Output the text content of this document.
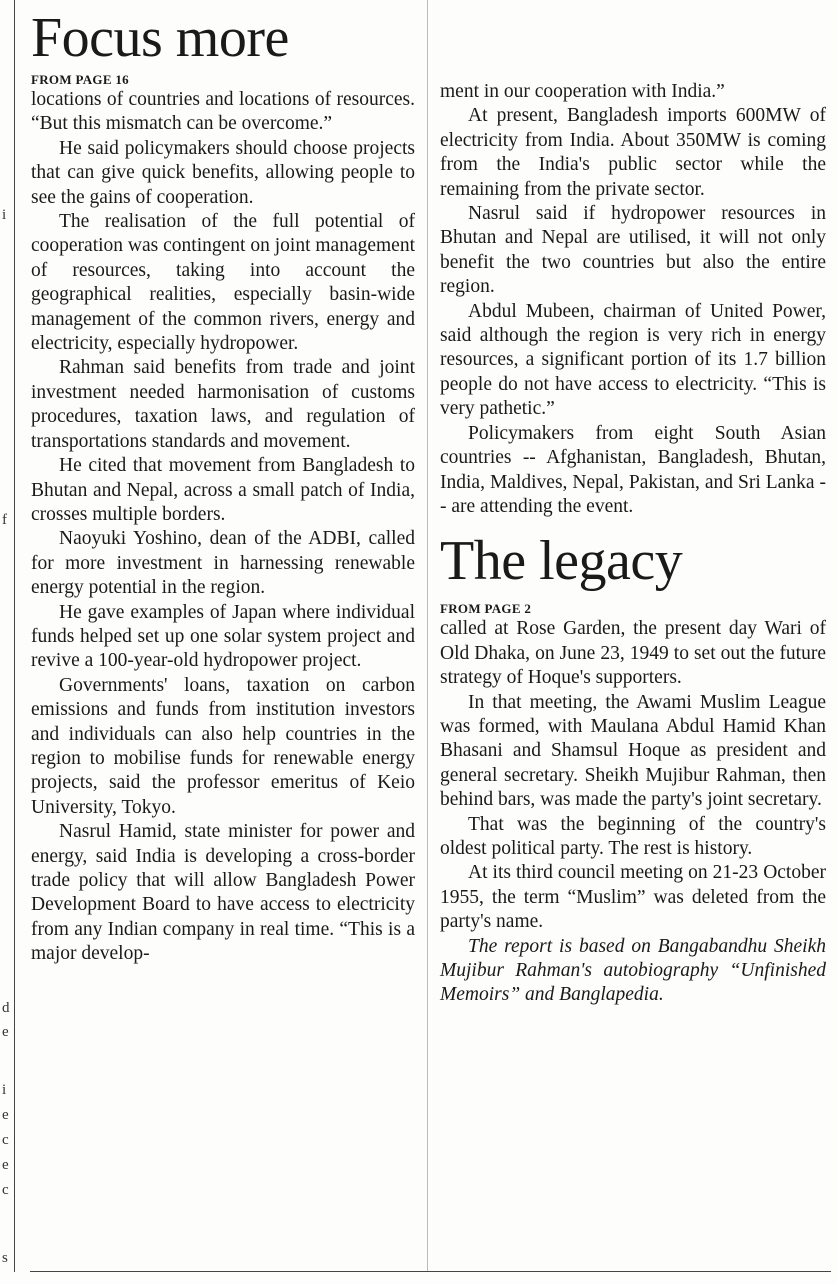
i
f
d
e
i
e
c
e
c
s
Focus more
FROM PAGE 16

locations of countries and locations of resources. “But this mismatch can be overcome.”

He said policymakers should choose projects that can give quick benefits, allowing people to see the gains of cooperation.

The realisation of the full potential of cooperation was contingent on joint management of resources, taking into account the geographical realities, especially basin-wide management of the common rivers, energy and electricity, especially hydropower.

Rahman said benefits from trade and joint investment needed harmonisation of customs procedures, taxation laws, and regulation of transportations standards and movement.

He cited that movement from Bangladesh to Bhutan and Nepal, across a small patch of India, crosses multiple borders.

Naoyuki Yoshino, dean of the ADBI, called for more investment in harnessing renewable energy potential in the region.

He gave examples of Japan where individual funds helped set up one solar system project and revive a 100-year-old hydropower project.

Governments' loans, taxation on carbon emissions and funds from institution investors and individuals can also help countries in the region to mobilise funds for renewable energy projects, said the professor emeritus of Keio University, Tokyo.

Nasrul Hamid, state minister for power and energy, said India is developing a cross-border trade policy that will allow Bangladesh Power Development Board to have access to electricity from any Indian company in real time. “This is a major develop-

ment in our cooperation with India.”

At present, Bangladesh imports 600MW of electricity from India. About 350MW is coming from the India's public sector while the remaining from the private sector.

Nasrul said if hydropower resources in Bhutan and Nepal are utilised, it will not only benefit the two countries but also the entire region.

Abdul Mubeen, chairman of United Power, said although the region is very rich in energy resources, a significant portion of its 1.7 billion people do not have access to electricity. “This is very pathetic.”

Policymakers from eight South Asian countries -- Afghanistan, Bangladesh, Bhutan, India, Maldives, Nepal, Pakistan, and Sri Lanka -- are attending the event.

The legacy
FROM PAGE 2

called at Rose Garden, the present day Wari of Old Dhaka, on June 23, 1949 to set out the future strategy of Hoque's supporters.

In that meeting, the Awami Muslim League was formed, with Maulana Abdul Hamid Khan Bhasani and Shamsul Hoque as president and general secretary. Sheikh Mujibur Rahman, then behind bars, was made the party's joint secretary.

That was the beginning of the country's oldest political party. The rest is history.

At its third council meeting on 21-23 October 1955, the term “Muslim” was deleted from the party's name.

The report is based on Bangabandhu Sheikh Mujibur Rahman's autobiography “Unfinished Memoirs” and Banglapedia.
